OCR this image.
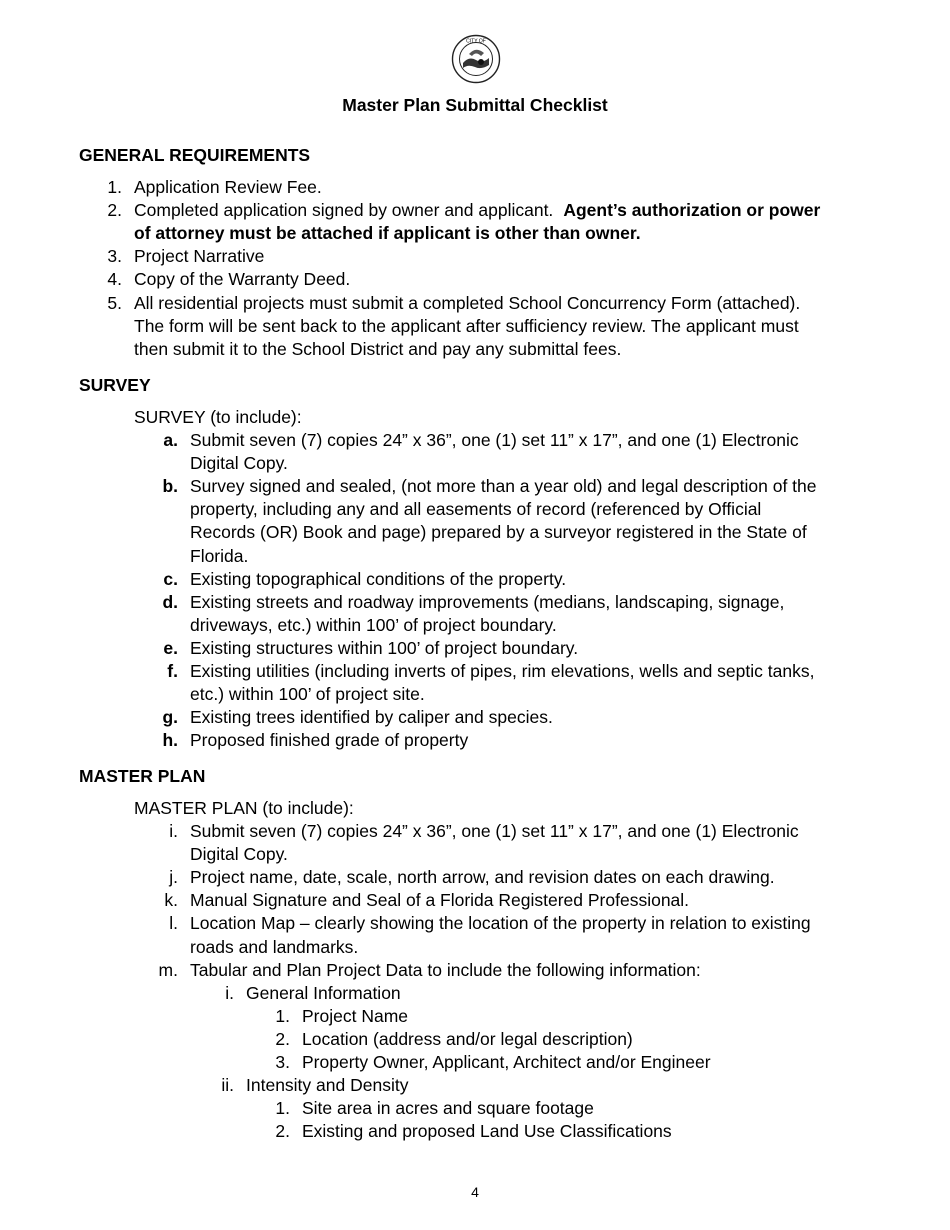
CITY OF
Master Plan Submittal Checklist
GENERAL REQUIREMENTS
1. Application Review Fee.
2. Completed application signed by owner and applicant. Agent’s authorization or power
of attorney must be attached if applicant is other than owner.
3. Project Narrative
4. Copy of the Warranty Deed.
5. All residential projects must submit a completed School Concurrency Form (attached).
The form will be sent back to the applicant after sufficiency review. The applicant must
then submit it to the School District and pay any submittal fees.
SURVEY
SURVEY (to include):
a. Submit seven (7) copies 24” x 36”, one (1) set 11” x 17”, and one (1) Electronic
Digital Copy.
b. Survey signed and sealed, (not more than a year old) and legal description of the
property, including any and all easements of record (referenced by Official
Records (OR) Book and page) prepared by a surveyor registered in the State of
Florida.
c. Existing topographical conditions of the property.
d. Existing streets and roadway improvements (medians, landscaping, signage,
driveways, etc.) within 100’ of project boundary.
e. Existing structures within 100’ of project boundary.
f. Existing utilities (including inverts of pipes, rim elevations, wells and septic tanks,
etc.) within 100’ of project site.
g. Existing trees identified by caliper and species.
h. Proposed finished grade of property
MASTER PLAN
MASTER PLAN (to include):
i. Submit seven (7) copies 24” x 36”, one (1) set 11” x 17”, and one (1) Electronic
Digital Copy.
j. Project name, date, scale, north arrow, and revision dates on each drawing.
k. Manual Signature and Seal of a Florida Registered Professional.
l. Location Map – clearly showing the location of the property in relation to existing
roads and landmarks.
m. Tabular and Plan Project Data to include the following information:
i. General Information
1. Project Name
2. Location (address and/or legal description)
3. Property Owner, Applicant, Architect and/or Engineer
ii. Intensity and Density
1. Site area in acres and square footage
2. Existing and proposed Land Use Classifications
4
